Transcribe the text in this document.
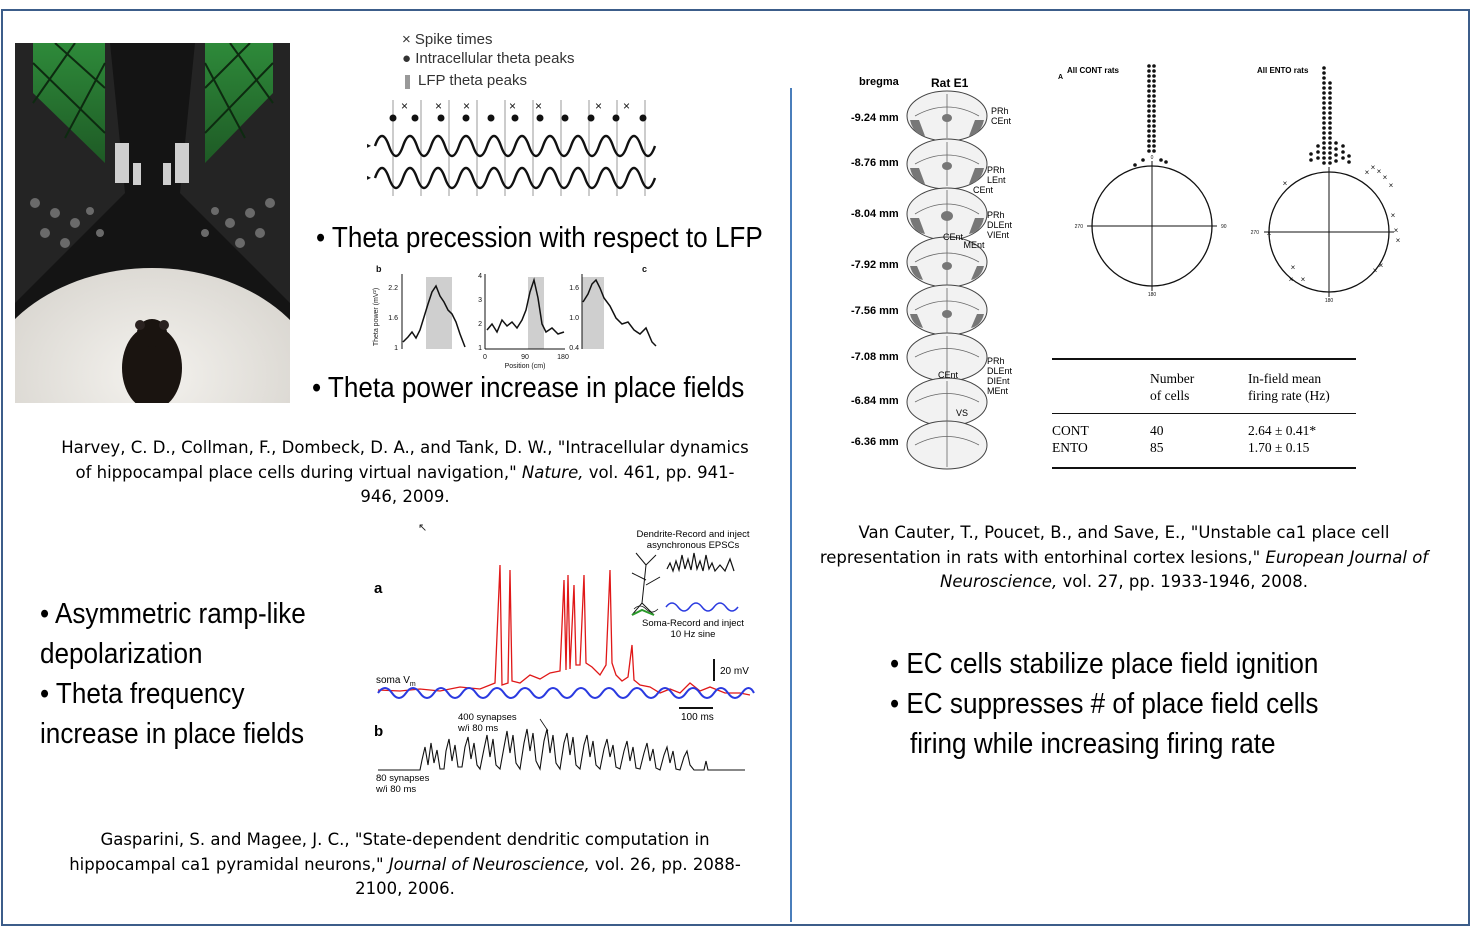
× Spike times
● Intracellular theta peaks
LFP theta peaks
× × ×	× ×	× ×
▸
▸
• Theta precession with respect to LFP
b	c
Theta power (mV²) 2.2
1.6
1
4
3
2
1
0	90	180
Position (cm)
1.6
1.0
0.4
• Theta power increase in place fields
Harvey, C. D., Collman, F., Dombeck, D. A., and Tank, D. W., "Intracellular dynamics of hippocampal place cells during virtual navigation," Nature, vol. 461, pp. 941-946, 2009.
↖
• Asymmetric ramp-like
depolarization
• Theta frequency
increase in place fields
a
b
Dendrite-Record and inject
asynchronous EPSCs
Soma-Record and inject
10 Hz sine
20 mV
100 ms
soma $V_m$
400 synapses
w/i 80 ms
80 synapses
w/i 80 ms
Gasparini, S. and Magee, J. C., "State-dependent dendritic computation in hippocampal ca1 pyramidal neurons," Journal of Neuroscience, vol. 26, pp. 2088-2100, 2006.
bregma	Rat E1
-9.24 mm
-8.76 mm
-8.04 mm
-7.92 mm
-7.56 mm
-7.08 mm
-6.84 mm
-6.36 mm
PRh
CEnt
PRh
LEnt
CEnt
PRh
DLEnt
VIEnt
CEnt MEnt
PRh
DLEnt
DIEnt
MEnt
CEnt
VS
A
All CONT rats	All ENTO rats
0
90
180
270
180
270
×
×
×
× ×
×
×
×
×
×
×
×
× ×
×
Number
of cells
In-field mean
firing rate (Hz)
CONT	40	2.64 ± 0.41*
ENTO	85	1.70 ± 0.15
Van Cauter, T., Poucet, B., and Save, E., "Unstable ca1 place cell representation in rats with entorhinal cortex lesions," European Journal of Neuroscience, vol. 27, pp. 1933-1946, 2008.
• EC cells stabilize place field ignition
• EC suppresses # of place field cells
firing while increasing firing rate
